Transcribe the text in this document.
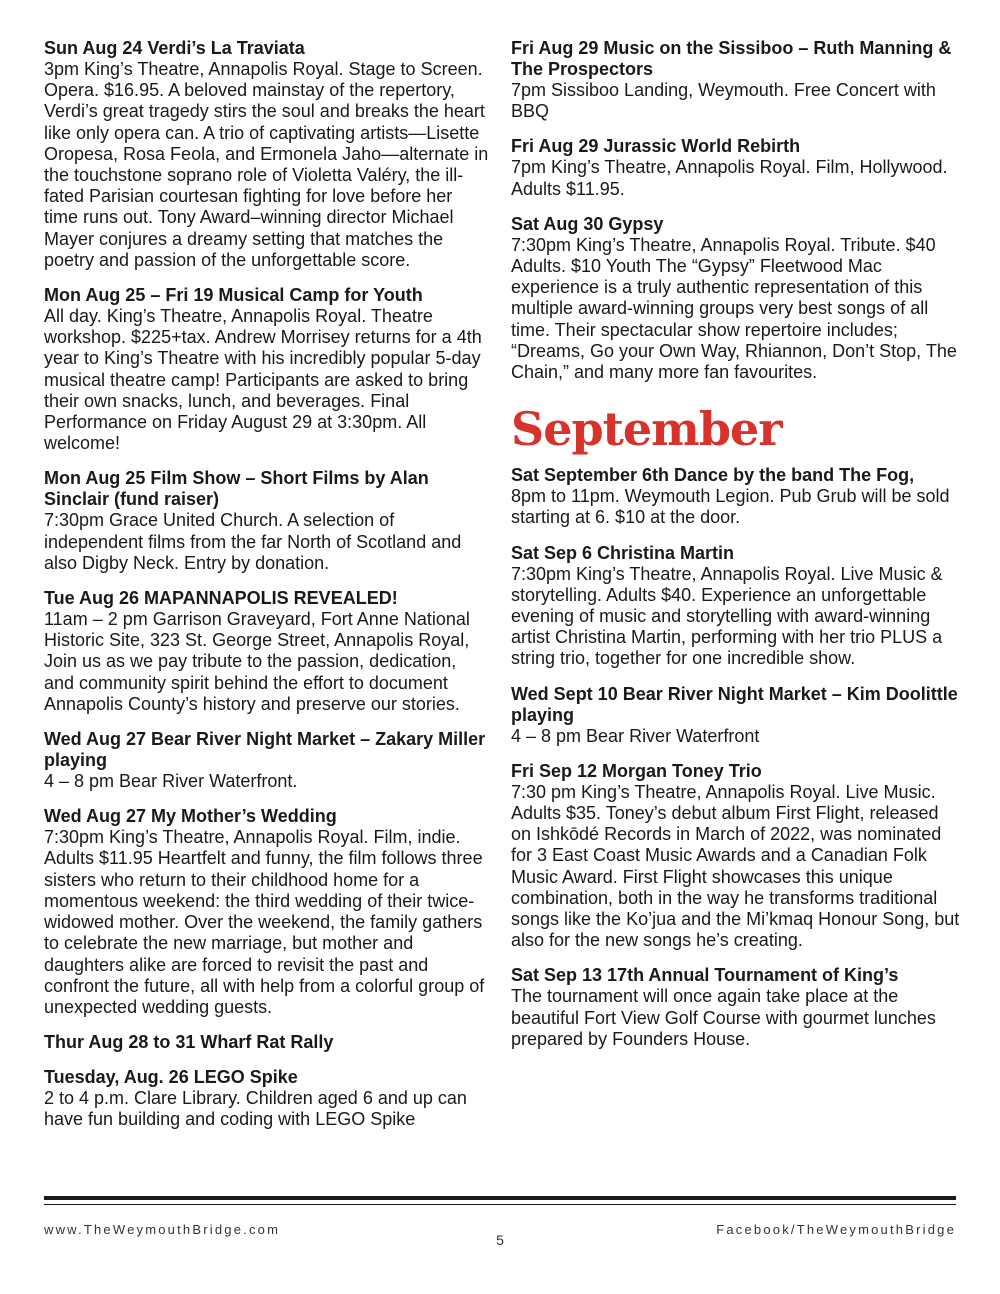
Sun Aug 24 Verdi’s La Traviata

3pm King’s Theatre, Annapolis Royal. Stage to Screen. Opera. $16.95. A beloved mainstay of the repertory, Verdi’s great tragedy stirs the soul and breaks the heart like only opera can. A trio of captivating artists—Lisette Oropesa, Rosa Feola, and Ermonela Jaho—alternate in the touchstone soprano role of Violetta Valéry, the ill-fated Parisian courtesan fighting for love before her time runs out. Tony Award–winning director Michael Mayer conjures a dreamy setting that matches the poetry and passion of the unforgettable score.

Mon Aug 25 – Fri 19 Musical Camp for Youth

All day. King’s Theatre, Annapolis Royal. Theatre workshop. $225+tax. Andrew Morrisey returns for a 4th year to King’s Theatre with his incredibly popular 5-day musical theatre camp! Participants are asked to bring their own snacks, lunch, and beverages. Final Performance on Friday August 29 at 3:30pm. All welcome!

Mon Aug 25 Film Show – Short Films by Alan Sinclair (fund raiser)

7:30pm Grace United Church. A selection of independent films from the far North of Scotland and also Digby Neck. Entry by donation.

Tue Aug 26 MAPANNAPOLIS REVEALED!

11am – 2 pm Garrison Graveyard, Fort Anne National Historic Site, 323 St. George Street, Annapolis Royal, Join us as we pay tribute to the passion, dedication, and community spirit behind the effort to document Annapolis County’s history and preserve our stories.

Wed Aug 27 Bear River Night Market – Zakary Miller playing

4 – 8 pm Bear River Waterfront.

Wed Aug 27 My Mother’s Wedding

7:30pm King’s Theatre, Annapolis Royal. Film, indie. Adults $11.95 Heartfelt and funny, the film follows three sisters who return to their childhood home for a momentous weekend: the third wedding of their twice-widowed mother. Over the weekend, the family gathers to celebrate the new marriage, but mother and daughters alike are forced to revisit the past and confront the future, all with help from a colorful group of unexpected wedding guests.

Thur Aug 28 to 31 Wharf Rat Rally

Tuesday, Aug. 26 LEGO Spike

2 to 4 p.m. Clare Library. Children aged 6 and up can have fun building and coding with LEGO Spike

Fri Aug 29 Music on the Sissiboo – Ruth Manning & The Prospectors

7pm Sissiboo Landing, Weymouth. Free Concert with BBQ

Fri Aug 29 Jurassic World Rebirth

7pm King’s Theatre, Annapolis Royal. Film, Hollywood. Adults $11.95.

Sat Aug 30 Gypsy

7:30pm King’s Theatre, Annapolis Royal. Tribute. $40 Adults. $10 Youth The “Gypsy” Fleetwood Mac experience is a truly authentic representation of this multiple award-winning groups very best songs of all time. Their spectacular show repertoire includes; “Dreams, Go your Own Way, Rhiannon, Don’t Stop, The Chain,” and many more fan favourites.

September
Sat September 6th Dance by the band The Fog,

8pm to 11pm. Weymouth Legion. Pub Grub will be sold starting at 6. $10 at the door.

Sat Sep 6 Christina Martin

7:30pm King’s Theatre, Annapolis Royal. Live Music & storytelling. Adults $40. Experience an unforgettable evening of music and storytelling with award-winning artist Christina Martin, performing with her trio PLUS a string trio, together for one incredible show.

Wed Sept 10 Bear River Night Market – Kim Doolittle playing

4 – 8 pm Bear River Waterfront

Fri Sep 12 Morgan Toney Trio

7:30 pm King’s Theatre, Annapolis Royal. Live Music. Adults $35. Toney’s debut album First Flight, released on Ishkōdé Records in March of 2022, was nominated for 3 East Coast Music Awards and a Canadian Folk Music Award. First Flight showcases this unique combination, both in the way he transforms traditional songs like the Ko’jua and the Mi’kmaq Honour Song, but also for the new songs he’s creating.

Sat Sep 13 17th Annual Tournament of King’s

The tournament will once again take place at the beautiful Fort View Golf Course with gourmet lunches prepared by Founders House.

www.TheWeymouthBridge.com
5
Facebook/TheWeymouthBridge
